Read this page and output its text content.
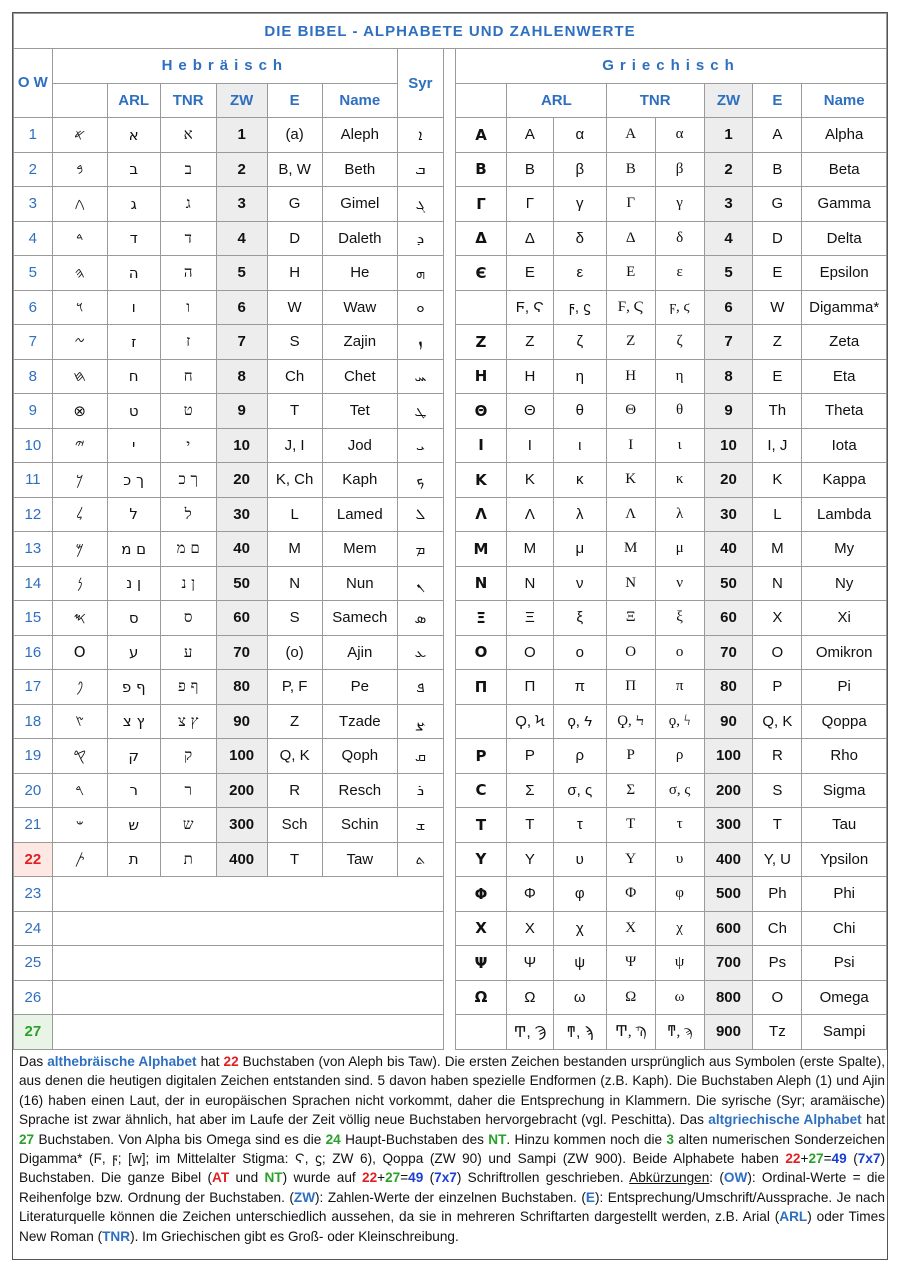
DIE BIBEL - ALPHABETE UND ZAHLENWERTE																
O W	Hebräisch						Syr		Griechisch							
		ARL	TNR	ZW	E	Name				ARL		TNR		ZW	E	Name
1	𐤀	א	א	1	(a)	Aleph	ܐ		Α	Α	α	Α	α	1	A	Alpha
2	𐤁	ב	ב	2	B, W	Beth	ܒ		Β	Β	β	Β	β	2	B	Beta
3	𐤂	ג	ג	3	G	Gimel	ܓ		Γ	Γ	γ	Γ	γ	3	G	Gamma
4	𐤃	ד	ד	4	D	Daleth	ܕ		Δ	Δ	δ	Δ	δ	4	D	Delta
5	𐤄	ה	ה	5	H	He	ܗ		Є	Ε	ε	Ε	ε	5	E	Epsilon
6	𐤅	ו	ו	6	W	Waw	ܘ			Ϝ, Ϛ	ϝ, ϛ	Ϝ, Ϛ	ϝ, ϛ	6	W	Digamma*
7	𐤆	ז	ז	7	S	Zajin	ܙ		Ζ	Ζ	ζ	Ζ	ζ	7	Z	Zeta
8	𐤇	ח	ח	8	Ch	Chet	ܚ		Η	Η	η	Η	η	8	E	Eta
9	⊗	ט	ט	9	T	Tet	ܛ		Θ	Θ	θ	Θ	θ	9	Th	Theta
10	𐤉	י	י	10	J, I	Jod	ܝ		Ι	Ι	ι	Ι	ι	10	I, J	Iota
11	𐤊	ך כ	ך כ	20	K, Ch	Kaph	ܟ		Κ	Κ	κ	Κ	κ	20	K	Kappa
12	𐤋	ל	ל	30	L	Lamed	ܠ		Λ	Λ	λ	Λ	λ	30	L	Lambda
13	𐤌	ם מ	ם מ	40	M	Mem	ܡ		Μ	Μ	μ	Μ	μ	40	M	My
14	𐤍	ן נ	ן נ	50	N	Nun	ܢ		Ν	Ν	ν	Ν	ν	50	N	Ny
15	𐤎	ס	ס	60	S	Samech	ܣ		Ξ	Ξ	ξ	Ξ	ξ	60	X	Xi
16	O	ע	ע	70	(o)	Ajin	ܥ		Ο	Ο	ο	Ο	ο	70	O	Omikron
17	𐤐	ף פ	ף פ	80	P, F	Pe	ܦ		Π	Π	π	Π	π	80	P	Pi
18	𐤑	ץ צ	ץ צ	90	Z	Tzade	ܨ			Ϙ, Ϟ	ϙ, ϟ	Ϙ, Ϟ	ϙ, ϟ	90	Q, K	Qoppa
19	𐤒	ק	ק	100	Q, K	Qoph	ܩ		Ρ	Ρ	ρ	Ρ	ρ	100	R	Rho
20	𐤓	ר	ר	200	R	Resch	ܪ		C	Σ	σ, ς	Σ	σ, ς	200	S	Sigma
21	𐤔	ש	ש	300	Sch	Schin	ܫ		Τ	Τ	τ	Τ	τ	300	T	Tau
22	𐤕	ת	ת	400	T	Taw	ܬ		Υ	Υ	υ	Υ	υ	400	Y, U	Ypsilon
23									Φ	Φ	φ	Φ	φ	500	Ph	Phi
24									Χ	Χ	χ	Χ	χ	600	Ch	Chi
25									Ψ	Ψ	ψ	Ψ	ψ	700	Ps	Psi
26									Ω	Ω	ω	Ω	ω	800	O	Omega
27										Ͳ, Ϡ	ͳ, ϡ	Ͳ, Ϡ	ͳ, ϡ	900	Tz	Sampi

Das althebräische Alphabet hat 22 Buchstaben (von Aleph bis Taw). Die ersten Zeichen bestanden ursprünglich aus Symbolen (erste Spalte), aus denen die heutigen digitalen Zeichen entstanden sind. 5 davon haben spezielle Endformen (z.B. Kaph). Die Buchstaben Aleph (1) und Ajin (16) haben einen Laut, der in europäischen Sprachen nicht vorkommt, daher die Entsprechung in Klammern. Die syrische (Syr; aramäische) Sprache ist zwar ähnlich, hat aber im Laufe der Zeit völlig neue Buchstaben hervorgebracht (vgl. Peschitta). Das altgriechische Alphabet hat 27 Buchstaben. Von Alpha bis Omega sind es die 24 Haupt-Buchstaben des NT. Hinzu kommen noch die 3 alten numerischen Sonderzeichen Digamma* (Ϝ, ϝ; [w]; im Mittelalter Stigma: Ϛ, ϛ; ZW 6), Qoppa (ZW 90) und Sampi (ZW 900). Beide Alphabete haben 22+27=49 (7x7) Buchstaben. Die ganze Bibel (AT und NT) wurde auf 22+27=49 (7x7) Schriftrollen geschrieben. Abkürzungen: (OW): Ordinal-Werte = die Reihenfolge bzw. Ordnung der Buchstaben. (ZW): Zahlen-Werte der einzelnen Buchstaben. (E): Entsprechung/Umschrift/Aussprache. Je nach Literaturquelle können die Zeichen unterschiedlich aussehen, da sie in mehreren Schriftarten dargestellt werden, z.B. Arial (ARL) oder Times New Roman (TNR). Im Griechischen gibt es Groß- oder Kleinschreibung.
